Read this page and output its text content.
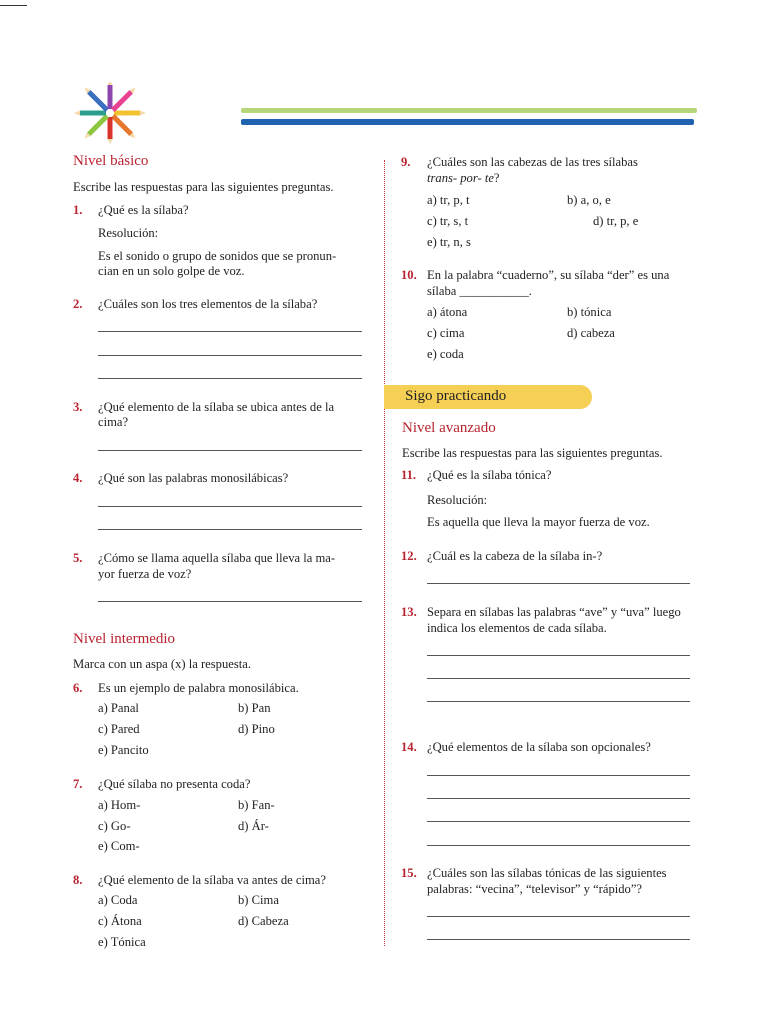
Nivel básico
Escribe las respuestas para las siguientes preguntas.
1. ¿Qué es la sílaba?
Resolución:
Es el sonido o grupo de sonidos que se pronun-
cian en un solo golpe de voz.
2. ¿Cuáles son los tres elementos de la sílaba?
3. ¿Qué elemento de la sílaba se ubica antes de la
cima?
4. ¿Qué son las palabras monosilábicas?
5. ¿Cómo se llama aquella sílaba que lleva la ma-
yor fuerza de voz?
Nivel intermedio
Marca con un aspa (x) la respuesta.
6. Es un ejemplo de palabra monosilábica.
a) Panal	b) Pan
c) Pared	d) Pino
e) Pancito
7. ¿Qué sílaba no presenta coda?
a) Hom-	b) Fan-
c) Go-	d) Ár-
e) Com-
8. ¿Qué elemento de la sílaba va antes de cima?
a) Coda	b) Cima
c) Átona	d) Cabeza
e) Tónica
9. ¿Cuáles son las cabezas de las tres sílabas
trans- por- te?
a) tr, p, t	b) a, o, e
c) tr, s, t	d) tr, p, e
e) tr, n, s
10. En la palabra “cuaderno”, su sílaba “der” es una
sílaba ___________.
a) átona	b) tónica
c) cima	d) cabeza
e) coda
Sigo practicando
Nivel avanzado
Escribe las respuestas para las siguientes preguntas.
11. ¿Qué es la sílaba tónica?
Resolución:
Es aquella que lleva la mayor fuerza de voz.
12. ¿Cuál es la cabeza de la sílaba in-?
13. Separa en sílabas las palabras “ave” y “uva” luego
indica los elementos de cada sílaba.
14. ¿Qué elementos de la sílaba son opcionales?
15. ¿Cuáles son las sílabas tónicas de las siguientes
palabras: “vecina”, “televisor” y “rápido”?
